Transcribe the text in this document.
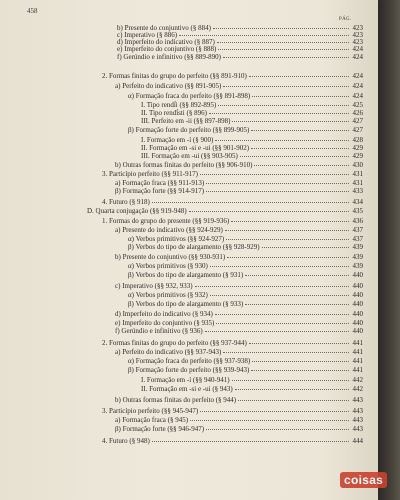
458
PÁG.
b) Presente do conjuntivo (§ 884)	423
c) Imperativo (§ 886)	423
d) Imperfeito do indicativo (§ 887)	423
e) Imperfeito do conjuntivo (§ 888)	424
f) Gerúndio e infinitivo (§§ 889-890)	424
2. Formas finitas do grupo do perfeito (§§ 891-910)	424
a) Perfeito do indicativo (§§ 891-905)	424
α) Formação fraca do perfeito (§§ 891-898)	424
I. Tipo rendḯi (§§ 892-895)	425
II. Tipo rendḯsti (§ 896)	426
III. Perfeito em -ii (§§ 897-898)	427
β) Formação forte do perfeito (§§ 899-905)	427
I. Formação em -í (§ 900)	428
II. Formação em -si e -ui (§§ 901-902)	429
III. Formação em -ui (§§ 903-905)	429
b) Outras formas finitas do perfeito (§§ 906-910)	430
3. Particípio perfeito (§§ 911-917)	431
a) Formação fraca (§§ 911-913)	431
β) Formação forte (§§ 914-917)	433
4. Futuro (§ 918)	434
D. Quarta conjugação (§§ 919-948)	435
1. Formas do grupo do presente (§§ 919-936)	436
a) Presente do indicativo (§§ 924-929)	437
α) Verbos primitivos (§§ 924-927)	437
β) Verbos do tipo de alargamento (§§ 928-929)	439
b) Presente do conjuntivo (§§ 930-931)	439
α) Verbos primitivos (§ 930)	439
β) Verbos do tipo de alargamento (§ 931)	440
c) Imperativo (§§ 932, 933)	440
α) Verbos primitivos (§ 932)	440
β) Verbos do tipo de alargamento (§ 933)	440
d) Imperfeito do indicativo (§ 934)	440
e) Imperfeito do conjuntivo (§ 935)	440
f) Gerúndio e infinitivo (§ 936)	440
2. Formas finitas do grupo do perfeito (§§ 937-944)	441
a) Perfeito do indicativo (§§ 937-943)	441
α) Formação fraca do perfeito (§§ 937-938)	441
β) Formação forte do perfeito (§§ 939-943)	441
I. Formação em -í (§§ 940-941)	442
II. Formação em -si e -ui (§ 943)	442
b) Outras formas finitas do perfeito (§ 944)	443
3. Particípio perfeito (§§ 945-947)	443
a) Formação fraca (§ 945)	443
β) Formação forte (§§ 946-947)	443
4. Futuro (§ 948)	444
coisas
